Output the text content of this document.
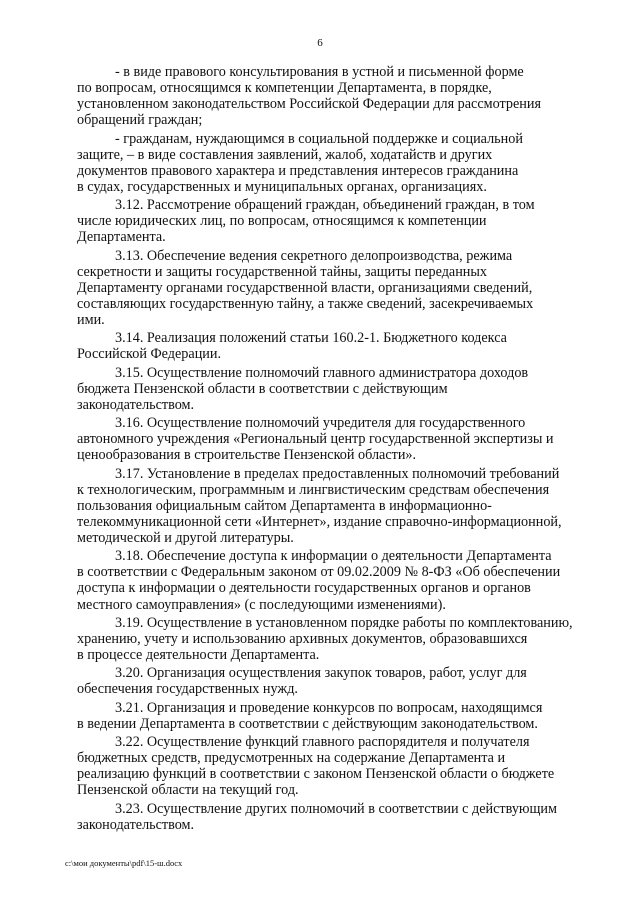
6

- в виде правового консультирования в устной и письменной форме
по вопросам, относящимся к компетенции Департамента, в порядке,
установленном законодательством Российской Федерации для рассмотрения
обращений граждан;

- гражданам, нуждающимся в социальной поддержке и социальной
защите, – в виде составления заявлений, жалоб, ходатайств и других
документов правового характера и представления интересов гражданина
в судах, государственных и муниципальных органах, организациях.

3.12. Рассмотрение обращений граждан, объединений граждан, в том
числе юридических лиц, по вопросам, относящимся к компетенции
Департамента.

3.13. Обеспечение ведения секретного делопроизводства, режима
секретности и защиты государственной тайны, защиты переданных
Департаменту органами государственной власти, организациями сведений,
составляющих государственную тайну, а также сведений, засекречиваемых
ими.

3.14. Реализация положений статьи 160.2-1. Бюджетного кодекса
Российской Федерации.

3.15. Осуществление полномочий главного администратора доходов
бюджета Пензенской области в соответствии с действующим
законодательством.

3.16. Осуществление полномочий учредителя для государственного
автономного учреждения «Региональный центр государственной экспертизы и
ценообразования в строительстве Пензенской области».

3.17. Установление в пределах предоставленных полномочий требований
к технологическим, программным и лингвистическим средствам обеспечения
пользования официальным сайтом Департамента в информационно-
телекоммуникационной сети «Интернет», издание справочно-информационной,
методической и другой литературы.

3.18. Обеспечение доступа к информации о деятельности Департамента
в соответствии с Федеральным законом от 09.02.2009 № 8-ФЗ «Об обеспечении
доступа к информации о деятельности государственных органов и органов
местного самоуправления» (с последующими изменениями).

3.19. Осуществление в установленном порядке работы по комплектованию,
хранению, учету и использованию архивных документов, образовавшихся
в процессе деятельности Департамента.

3.20. Организация осуществления закупок товаров, работ, услуг для
обеспечения государственных нужд.

3.21. Организация и проведение конкурсов по вопросам, находящимся
в ведении Департамента в соответствии с действующим законодательством.

3.22. Осуществление функций главного распорядителя и получателя
бюджетных средств, предусмотренных на содержание Департамента и
реализацию функций в соответствии с законом Пензенской области о бюджете
Пензенской области на текущий год.

3.23. Осуществление других полномочий в соответствии с действующим
законодательством.

c:\мои документы\pdf\15-ш.docx
